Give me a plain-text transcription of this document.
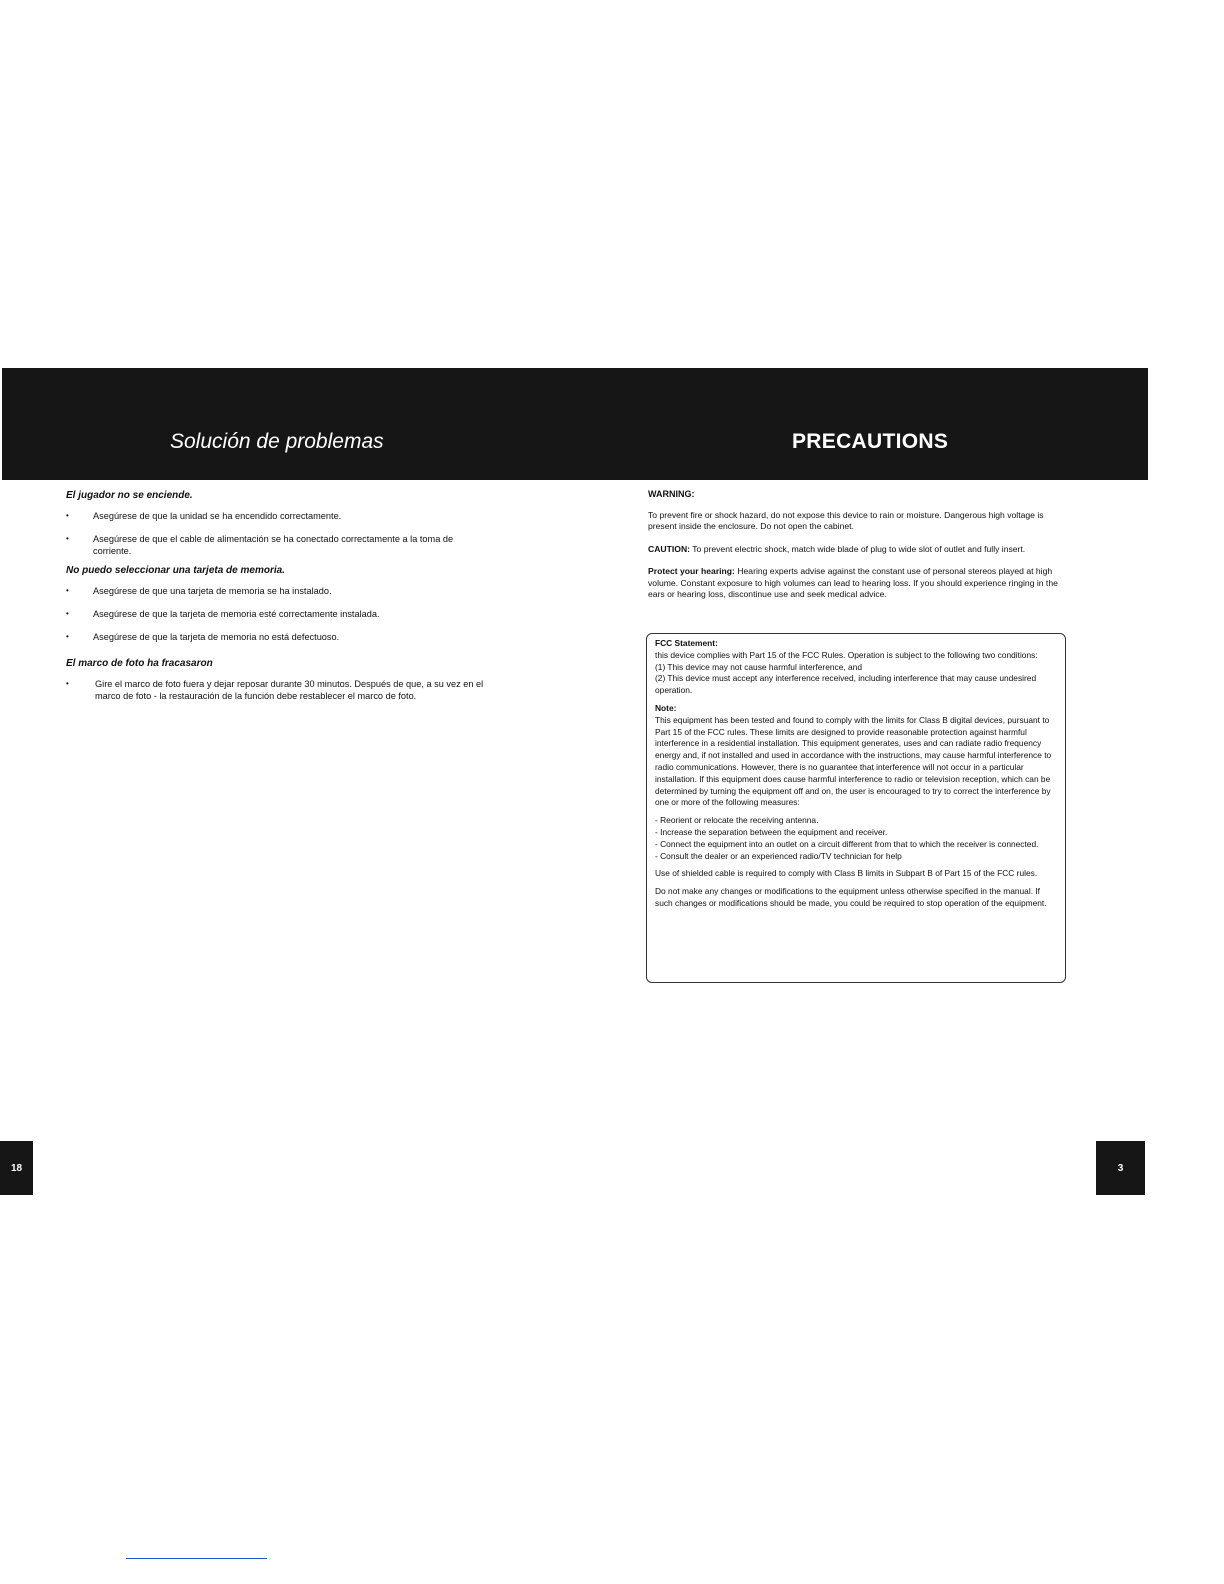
Solución de problemas	PRECAUTIONS
El jugador no se enciende.
• Asegúrese de que la unidad se ha encendido correctamente.
• Asegúrese de que el cable de alimentación se ha conectado correctamente a la toma de corriente.
No puedo seleccionar una tarjeta de memoria.
• Asegúrese de que una tarjeta de memoria se ha instalado.
• Asegúrese de que la tarjeta de memoria esté correctamente instalada.
• Asegúrese de que la tarjeta de memoria no está defectuoso.
El marco de foto ha fracasaron
• Gire el marco de foto fuera y dejar reposar durante 30 minutos. Después de que, a su vez en el marco de foto - la restauración de la función debe restablecer el marco de foto.
WARNING:

To prevent fire or shock hazard, do not expose this device to rain or moisture. Dangerous high voltage is present inside the enclosure. Do not open the cabinet.

CAUTION: To prevent electric shock, match wide blade of plug to wide slot of outlet and fully insert.

Protect your hearing: Hearing experts advise against the constant use of personal stereos played at high volume. Constant exposure to high volumes can lead to hearing loss. If you should experience ringing in the ears or hearing loss, discontinue use and seek medical advice.

FCC Statement:
this device complies with Part 15 of the FCC Rules. Operation is subject to the following two conditions:
(1) This device may not cause harmful interference, and
(2) This device must accept any interference received, including interference that may cause undesired operation.

Note:
This equipment has been tested and found to comply with the limits for Class B digital devices, pursuant to Part 15 of the FCC rules. These limits are designed to provide reasonable protection against harmful interference in a residential installation. This equipment generates, uses and can radiate radio frequency energy and, if not installed and used in accordance with the instructions, may cause harmful interference to radio communications. However, there is no guarantee that interference will not occur in a particular installation. If this equipment does cause harmful interference to radio or television reception, which can be determined by turning the equipment off and on, the user is encouraged to try to correct the interference by one or more of the following measures:

- Reorient or relocate the receiving antenna.
- Increase the separation between the equipment and receiver.
- Connect the equipment into an outlet on a circuit different from that to which the receiver is connected.
- Consult the dealer or an experienced radio/TV technician for help

Use of shielded cable is required to comply with Class B limits in Subpart B of Part 15 of the FCC rules.

Do not make any changes or modifications to the equipment unless otherwise specified in the manual. If such changes or modifications should be made, you could be required to stop operation of the equipment.

18	3
